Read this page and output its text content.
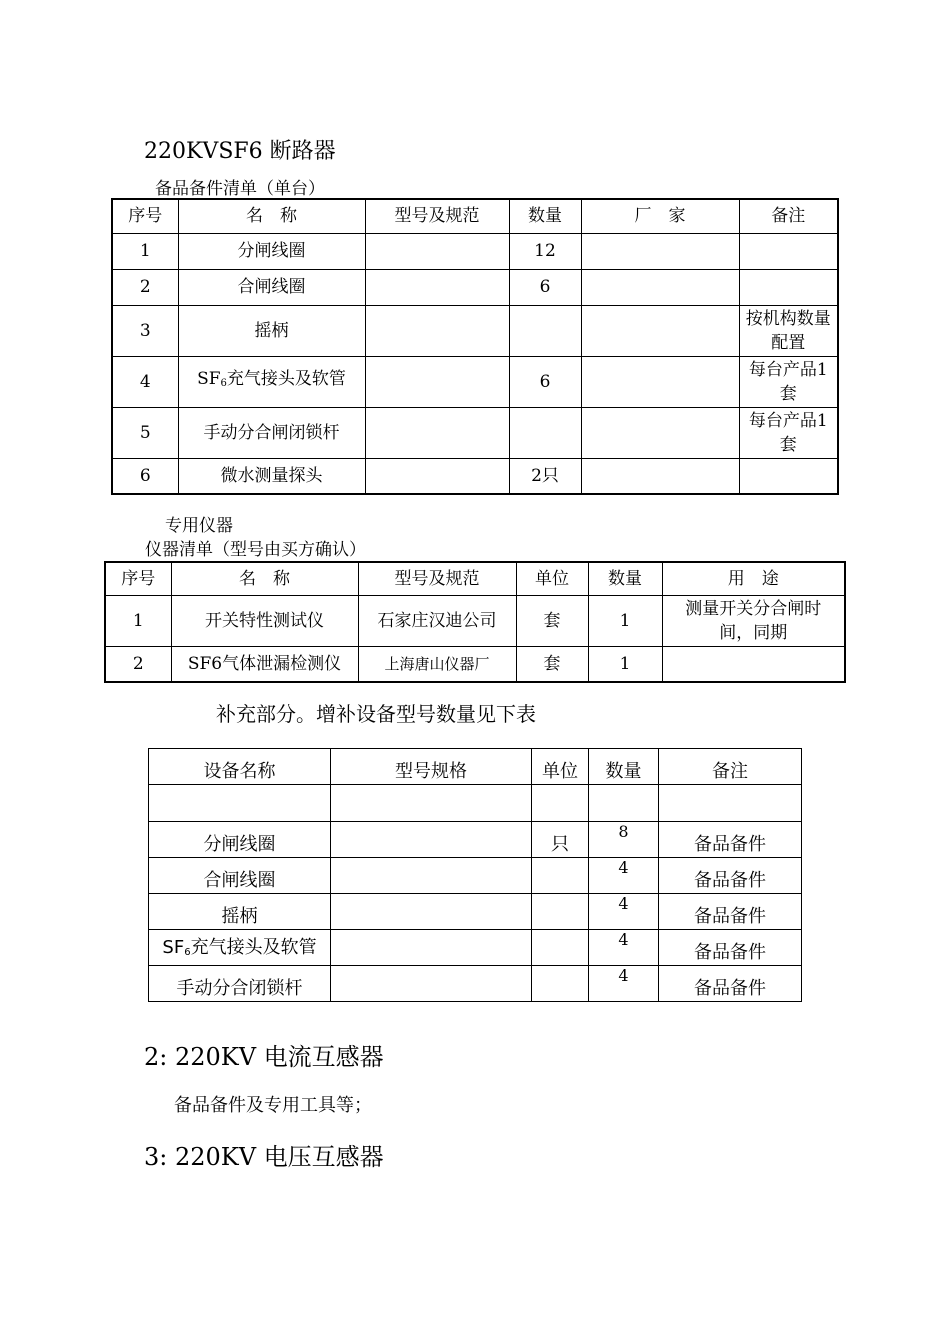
220KVSF6 断路器
备品备件清单（单台）
序号	名　称	型号及规范	数量	厂　家	备注
1	分闸线圈		12		
2	合闸线圈		6		
3	摇柄				按机构数量配置
4	$SF_6$充气接头及软管		6		每台产品1套
5	手动分合闸闭锁杆				每台产品1套
6	微水测量探头		2只		
专用仪器
仪器清单（型号由买方确认）
序号	名　称	型号及规范	单位	数量	用　途
1	开关特性测试仪	石家庄汉迪公司	套	1	测量开关分合闸时间，同期
2	SF6气体泄漏检测仪	上海唐山仪器厂	套	1	
补充部分。增补设备型号数量见下表
设备名称	型号规格	单位	数量	备注

分闸线圈		只	8	备品备件
合闸线圈			4	备品备件
摇柄			4	备品备件
$SF_6$充气接头及软管			4	备品备件
手动分合闭锁杆			4	备品备件
2: 220KV 电流互感器
备品备件及专用工具等；
3: 220KV 电压互感器
